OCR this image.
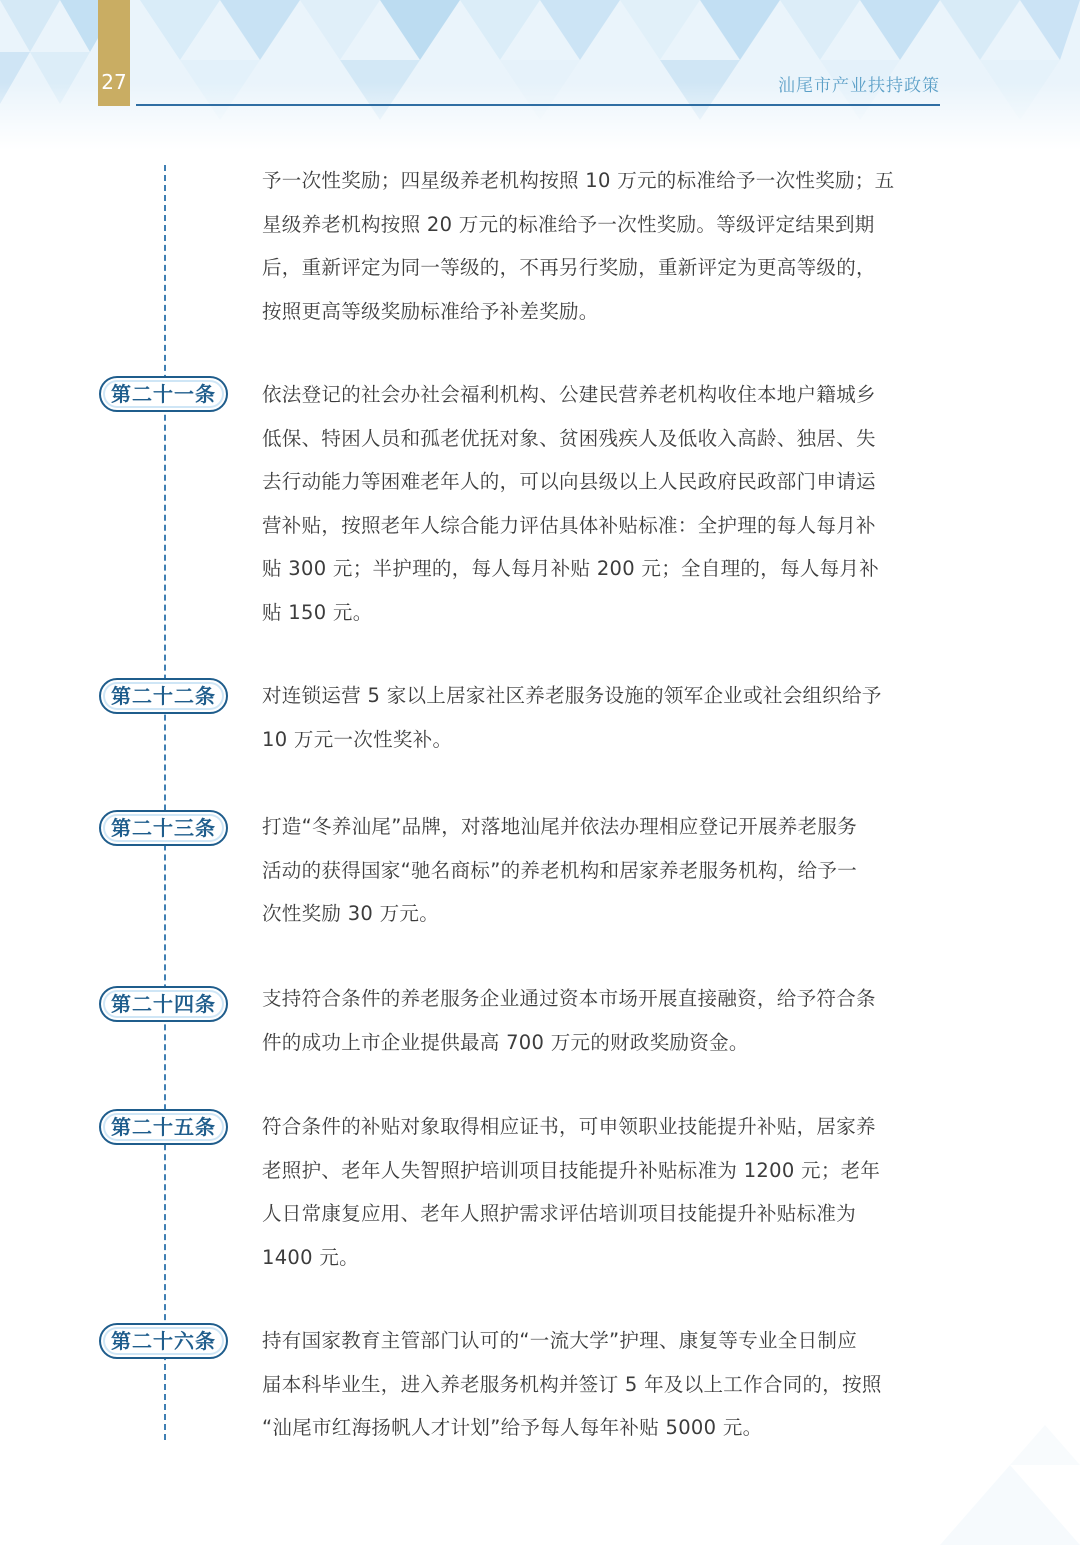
27	汕尾市产业扶持政策
予一次性奖励；四星级养老机构按照 10 万元的标准给予一次性奖励；五
星级养老机构按照 20 万元的标准给予一次性奖励。等级评定结果到期
后，重新评定为同一等级的，不再另行奖励，重新评定为更高等级的，
按照更高等级奖励标准给予补差奖励。
第二十一条	依法登记的社会办社会福利机构、公建民营养老机构收住本地户籍城乡
低保、特困人员和孤老优抚对象、贫困残疾人及低收入高龄、独居、失
去行动能力等困难老年人的，可以向县级以上人民政府民政部门申请运
营补贴，按照老年人综合能力评估具体补贴标准：全护理的每人每月补
贴 300 元；半护理的，每人每月补贴 200 元；全自理的，每人每月补
贴 150 元。
第二十二条	对连锁运营 5 家以上居家社区养老服务设施的领军企业或社会组织给予
10 万元一次性奖补。
第二十三条	打造“冬养汕尾”品牌，对落地汕尾并依法办理相应登记开展养老服务
活动的获得国家“驰名商标”的养老机构和居家养老服务机构，给予一
次性奖励 30 万元。
第二十四条	支持符合条件的养老服务企业通过资本市场开展直接融资，给予符合条
件的成功上市企业提供最高 700 万元的财政奖励资金。
第二十五条	符合条件的补贴对象取得相应证书，可申领职业技能提升补贴，居家养
老照护、老年人失智照护培训项目技能提升补贴标准为 1200 元；老年
人日常康复应用、老年人照护需求评估培训项目技能提升补贴标准为
1400 元。
第二十六条	持有国家教育主管部门认可的“一流大学”护理、康复等专业全日制应
届本科毕业生，进入养老服务机构并签订 5 年及以上工作合同的，按照
“汕尾市红海扬帆人才计划”给予每人每年补贴 5000 元。
